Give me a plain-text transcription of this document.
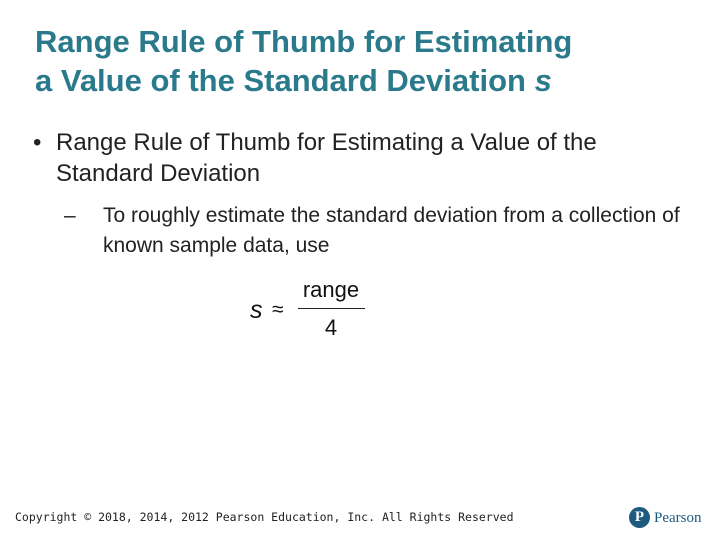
Range Rule of Thumb for Estimating
a Value of the Standard Deviation s
• Range Rule of Thumb for Estimating a Value of the Standard Deviation
–	To roughly estimate the standard deviation from a collection of known sample data, use
s ≈
range
4
Copyright © 2018, 2014, 2012 Pearson Education, Inc. All Rights Reserved	P Pearson
